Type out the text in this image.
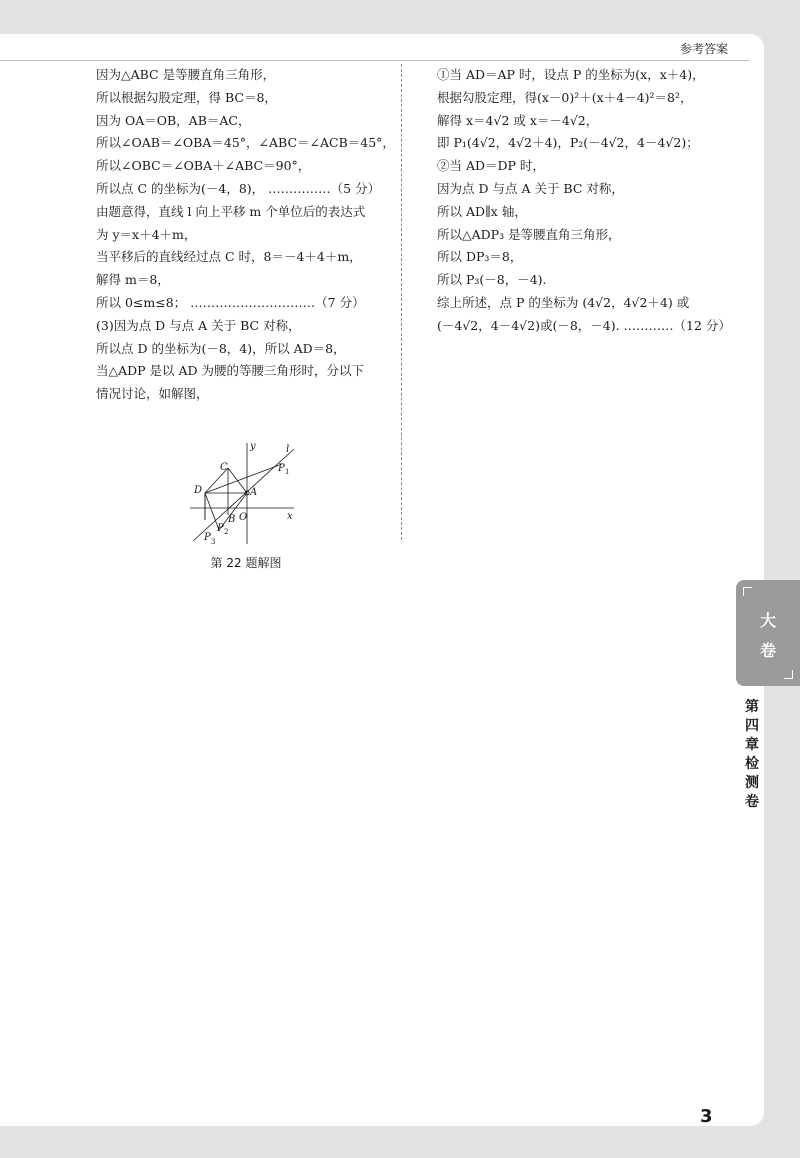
参考答案
因为△ABC 是等腰直角三角形，
所以根据勾股定理，得 BC＝8，
因为 OA＝OB，AB＝AC，
所以∠OAB＝∠OBA＝45°，∠ABC＝∠ACB＝45°，
所以∠OBC＝∠OBA＋∠ABC＝90°，
所以点 C 的坐标为(－4，8)， ……………（5 分）
由题意得，直线 l 向上平移 m 个单位后的表达式
为 y＝x＋4＋m，
当平移后的直线经过点 C 时，8＝－4＋4＋m，
解得 m＝8，
所以 0≤m≤8； …………………………（7 分）
(3)因为点 D 与点 A 关于 BC 对称，
所以点 D 的坐标为(－8，4)，所以 AD＝8，
当△ADP 是以 AD 为腰的等腰三角形时，分以下
情况讨论，如解图，
①当 AD＝AP 时，设点 P 的坐标为(x，x＋4)，
根据勾股定理，得(x－0)²＋(x＋4－4)²＝8²，
解得 x＝4√2 或 x＝－4√2，
即 P₁(4√2，4√2＋4)，P₂(－4√2，4－4√2)；
②当 AD＝DP 时，
因为点 D 与点 A 关于 BC 对称，
所以 AD∥x 轴，
所以△ADP₃ 是等腰直角三角形，
所以 DP₃＝8，
所以 P₃(－8，－4).
综上所述，点 P 的坐标为 (4√2，4√2＋4) 或
(－4√2，4－4√2)或(－8，－4). …………（12 分）
y	l
P 1
C
D	A
x
B O
P 2
P 3
第 22 题解图
3
大
卷
第
四
章
检
测
卷
